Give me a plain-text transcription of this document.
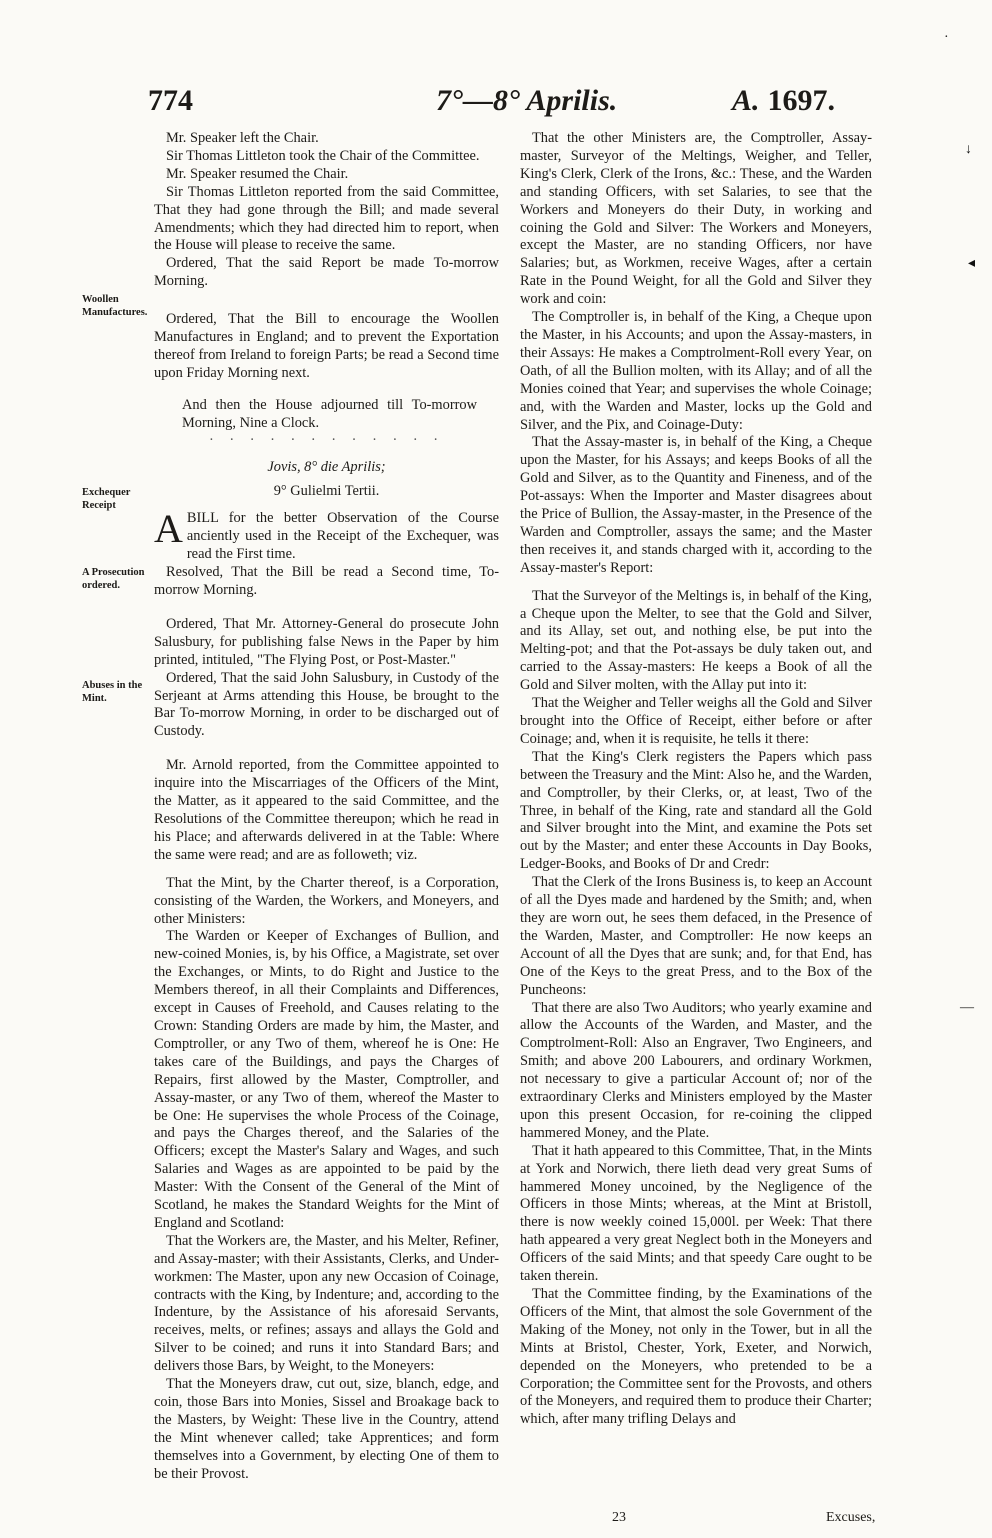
774	7°—8° Aprilis.	A. 1697.
Woollen Manufactures.
Exchequer Receipt
A Prosecution ordered.
Abuses in the Mint.

Mr. Speaker left the Chair.

Sir Thomas Littleton took the Chair of the Committee.

Mr. Speaker resumed the Chair.

Sir Thomas Littleton reported from the said Committee, That they had gone through the Bill; and made several Amendments; which they had directed him to report, when the House will please to receive the same.

Ordered, That the said Report be made To-morrow Morning.

Ordered, That the Bill to encourage the Woollen Manufactures in England; and to prevent the Exportation thereof from Ireland to foreign Parts; be read a Second time upon Friday Morning next.

And then the House adjourned till To-morrow Morning, Nine a Clock.

· · · · · · · · · · · ·

Jovis, 8° die Aprilis;

9° Gulielmi Tertii.

ABILL for the better Observation of the Course anciently used in the Receipt of the Exchequer, was read the First time.

Resolved, That the Bill be read a Second time, To-morrow Morning.

Ordered, That Mr. Attorney-General do prosecute John Salusbury, for publishing false News in the Paper by him printed, intituled, "The Flying Post, or Post-Master."

Ordered, That the said John Salusbury, in Custody of the Serjeant at Arms attending this House, be brought to the Bar To-morrow Morning, in order to be discharged out of Custody.

Mr. Arnold reported, from the Committee appointed to inquire into the Miscarriages of the Officers of the Mint, the Matter, as it appeared to the said Committee, and the Resolutions of the Committee thereupon; which he read in his Place; and afterwards delivered in at the Table: Where the same were read; and are as followeth; viz.

That the Mint, by the Charter thereof, is a Corporation, consisting of the Warden, the Workers, and Moneyers, and other Ministers:

The Warden or Keeper of Exchanges of Bullion, and new-coined Monies, is, by his Office, a Magistrate, set over the Exchanges, or Mints, to do Right and Justice to the Members thereof, in all their Complaints and Differences, except in Causes of Freehold, and Causes relating to the Crown: Standing Orders are made by him, the Master, and Comptroller, or any Two of them, whereof he is One: He takes care of the Buildings, and pays the Charges of Repairs, first allowed by the Master, Comptroller, and Assay-master, or any Two of them, whereof the Master to be One: He supervises the whole Process of the Coinage, and pays the Charges thereof, and the Salaries of the Officers; except the Master's Salary and Wages, and such Salaries and Wages as are appointed to be paid by the Master: With the Consent of the General of the Mint of Scotland, he makes the Standard Weights for the Mint of England and Scotland:

That the Workers are, the Master, and his Melter, Refiner, and Assay-master; with their Assistants, Clerks, and Under-workmen: The Master, upon any new Occasion of Coinage, contracts with the King, by Indenture; and, according to the Indenture, by the Assistance of his aforesaid Servants, receives, melts, or refines; assays and allays the Gold and Silver to be coined; and runs it into Standard Bars; and delivers those Bars, by Weight, to the Moneyers:

That the Moneyers draw, cut out, size, blanch, edge, and coin, those Bars into Monies, Sissel and Broakage back to the Masters, by Weight: These live in the Country, attend the Mint whenever called; take Apprentices; and form themselves into a Government, by electing One of them to be their Provost.

That the other Ministers are, the Comptroller, Assay-master, Surveyor of the Meltings, Weigher, and Teller, King's Clerk, Clerk of the Irons, &c.: These, and the Warden and standing Officers, with set Salaries, to see that the Workers and Moneyers do their Duty, in working and coining the Gold and Silver: The Workers and Moneyers, except the Master, are no standing Officers, nor have Salaries; but, as Workmen, receive Wages, after a certain Rate in the Pound Weight, for all the Gold and Silver they work and coin:

The Comptroller is, in behalf of the King, a Cheque upon the Master, in his Accounts; and upon the Assay-masters, in their Assays: He makes a Comptrolment-Roll every Year, on Oath, of all the Bullion molten, with its Allay; and of all the Monies coined that Year; and supervises the whole Coinage; and, with the Warden and Master, locks up the Gold and Silver, and the Pix, and Coinage-Duty:

That the Assay-master is, in behalf of the King, a Cheque upon the Master, for his Assays; and keeps Books of all the Gold and Silver, as to the Quantity and Fineness, and of the Pot-assays: When the Importer and Master disagrees about the Price of Bullion, the Assay-master, in the Presence of the Warden and Comptroller, assays the same; and the Master then receives it, and stands charged with it, according to the Assay-master's Report:

That the Surveyor of the Meltings is, in behalf of the King, a Cheque upon the Melter, to see that the Gold and Silver, and its Allay, set out, and nothing else, be put into the Melting-pot; and that the Pot-assays be duly taken out, and carried to the Assay-masters: He keeps a Book of all the Gold and Silver molten, with the Allay put into it:

That the Weigher and Teller weighs all the Gold and Silver brought into the Office of Receipt, either before or after Coinage; and, when it is requisite, he tells it there:

That the King's Clerk registers the Papers which pass between the Treasury and the Mint: Also he, and the Warden, and Comptroller, by their Clerks, or, at least, Two of the Three, in behalf of the King, rate and standard all the Gold and Silver brought into the Mint, and examine the Pots set out by the Master; and enter these Accounts in Day Books, Ledger-Books, and Books of Dr and Credr:

That the Clerk of the Irons Business is, to keep an Account of all the Dyes made and hardened by the Smith; and, when they are worn out, he sees them defaced, in the Presence of the Warden, Master, and Comptroller: He now keeps an Account of all the Dyes that are sunk; and, for that End, has One of the Keys to the great Press, and to the Box of the Puncheons:

That there are also Two Auditors; who yearly examine and allow the Accounts of the Warden, and Master, and the Comptrolment-Roll: Also an Engraver, Two Engineers, and Smith; and above 200 Labourers, and ordinary Workmen, not necessary to give a particular Account of; nor of the extraordinary Clerks and Ministers employed by the Master upon this present Occasion, for re-coining the clipped hammered Money, and the Plate.

That it hath appeared to this Committee, That, in the Mints at York and Norwich, there lieth dead very great Sums of hammered Money uncoined, by the Negligence of the Officers in those Mints; whereas, at the Mint at Bristoll, there is now weekly coined 15,000l. per Week: That there hath appeared a very great Neglect both in the Moneyers and Officers of the said Mints; and that speedy Care ought to be taken therein.

That the Committee finding, by the Examinations of the Officers of the Mint, that almost the sole Government of the Making of the Money, not only in the Tower, but in all the Mints at Bristol, Chester, York, Exeter, and Norwich, depended on the Moneyers, who pretended to be a Corporation; the Committee sent for the Provosts, and others of the Moneyers, and required them to produce their Charter; which, after many trifling Delays and

23	Excuses,
·
↓
◂
—
